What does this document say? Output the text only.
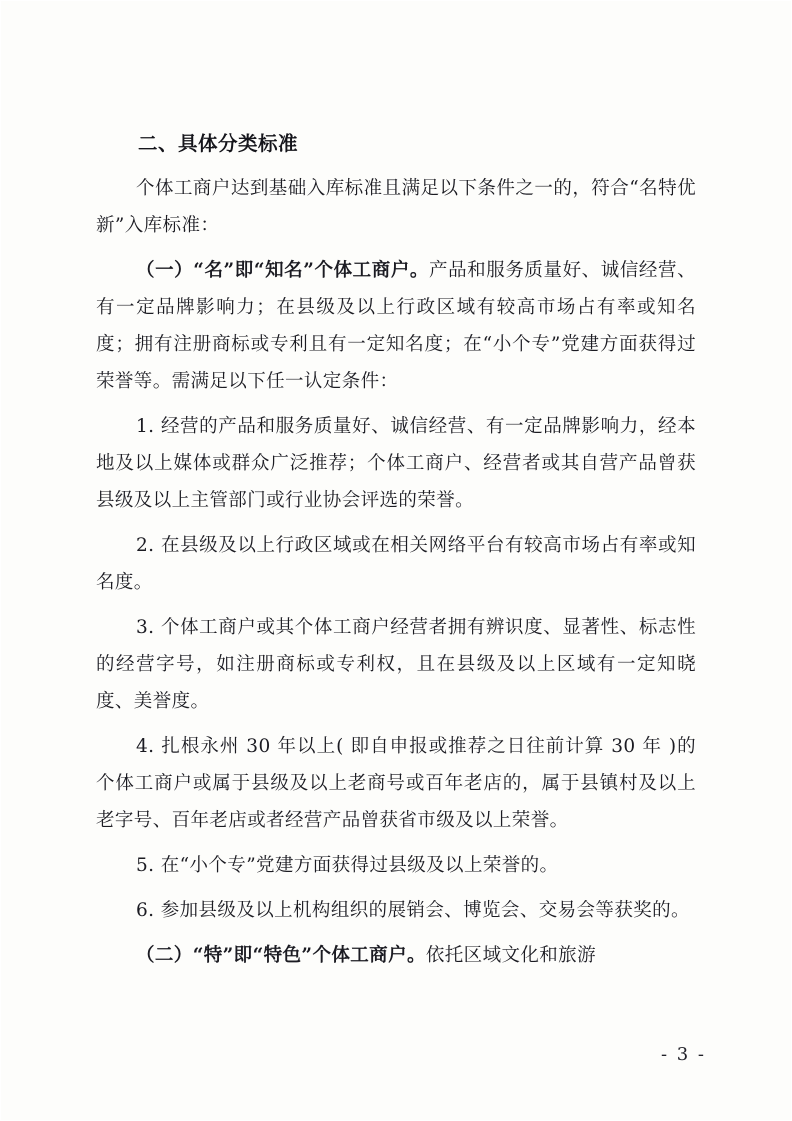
二、具体分类标准

个体工商户达到基础入库标准且满足以下条件之一的，符合“名特优新”入库标准：

（一）“名”即“知名”个体工商户。产品和服务质量好、诚信经营、有一定品牌影响力；在县级及以上行政区域有较高市场占有率或知名度；拥有注册商标或专利且有一定知名度；在“小个专”党建方面获得过荣誉等。需满足以下任一认定条件：

1. 经营的产品和服务质量好、诚信经营、有一定品牌影响力，经本地及以上媒体或群众广泛推荐；个体工商户、经营者或其自营产品曾获县级及以上主管部门或行业协会评选的荣誉。

2. 在县级及以上行政区域或在相关网络平台有较高市场占有率或知名度。

3. 个体工商户或其个体工商户经营者拥有辨识度、显著性、标志性的经营字号，如注册商标或专利权，且在县级及以上区域有一定知晓度、美誉度。

4. 扎根永州 30 年以上( 即自申报或推荐之日往前计算 30 年 )的个体工商户或属于县级及以上老商号或百年老店的，属于县镇村及以上老字号、百年老店或者经营产品曾获省市级及以上荣誉。

5. 在“小个专”党建方面获得过县级及以上荣誉的。

6. 参加县级及以上机构组织的展销会、博览会、交易会等获奖的。

（二）“特”即“特色”个体工商户。依托区域文化和旅游

- 3 -
